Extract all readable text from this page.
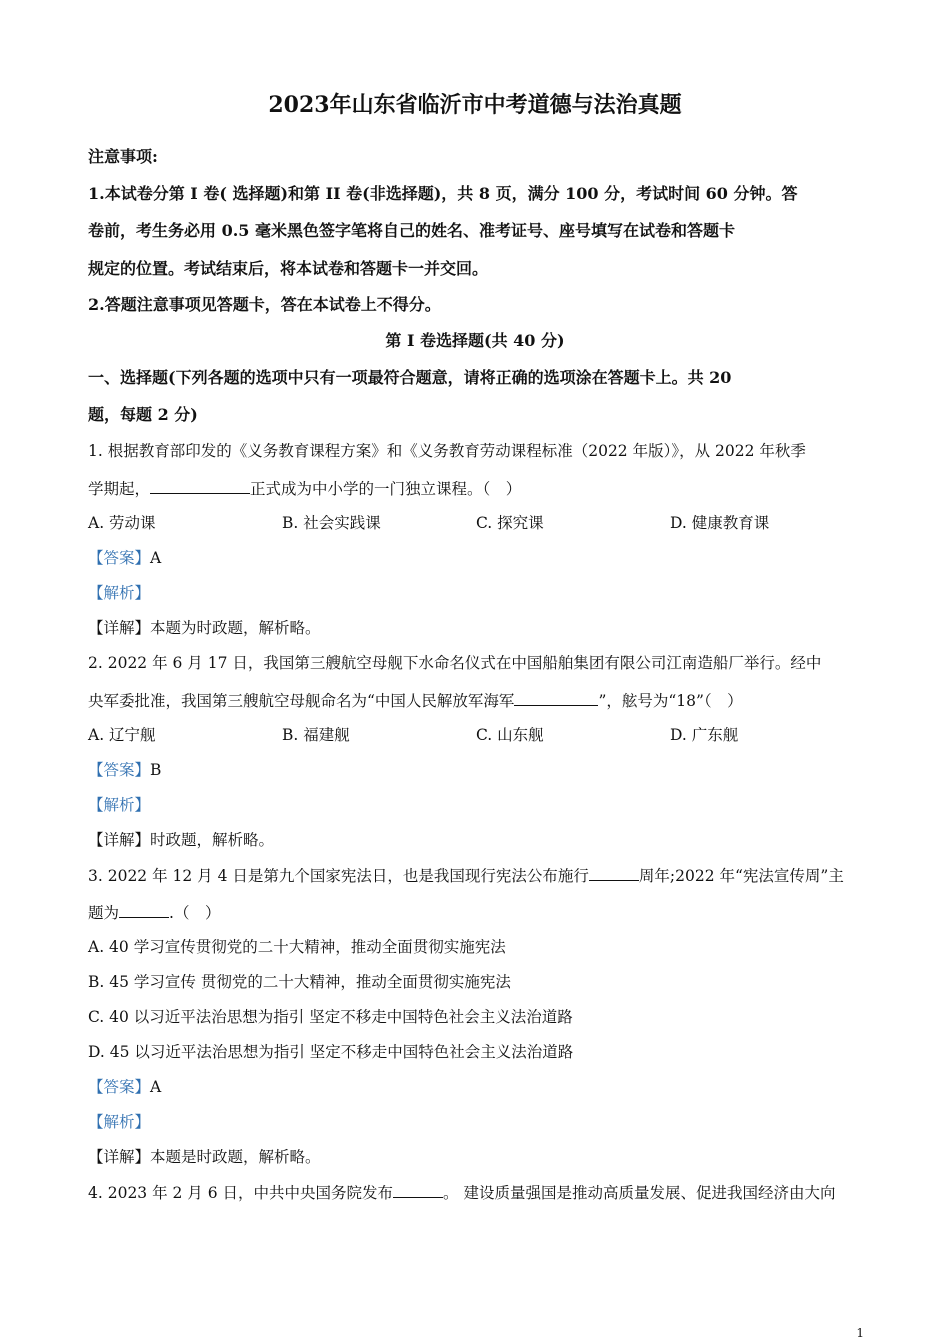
2023年山东省临沂市中考道德与法治真题
注意事项:
1.本试卷分第 I 卷( 选择题)和第 II 卷(非选择题)，共 8 页，满分 100 分，考试时间 60 分钟。答
卷前，考生务必用 0.5 毫米黑色签字笔将自己的姓名、准考证号、座号填写在试卷和答题卡
规定的位置。考试结束后，将本试卷和答题卡一并交回。
2.答题注意事项见答题卡，答在本试卷上不得分。
第 I 卷选择题(共 40 分)
一、选择题(下列各题的选项中只有一项最符合题意，请将正确的选项涂在答题卡上。共 20
题，每题 2 分)
1. 根据教育部印发的《义务教育课程方案》和《义务教育劳动课程标准（2022 年版）》，从 2022 年秋季
学期起，	正式成为中小学的一门独立课程。（　）
A. 劳动课	B. 社会实践课	C. 探究课	D. 健康教育课
【答案】A
【解析】
【详解】本题为时政题，解析略。
2. 2022 年 6 月 17 日，我国第三艘航空母舰下水命名仪式在中国船舶集团有限公司江南造船厂举行。经中
央军委批准，我国第三艘航空母舰命名为“中国人民解放军海军	”，舷号为“18”（　）
A. 辽宁舰	B. 福建舰	C. 山东舰	D. 广东舰
【答案】B
【解析】
【详解】时政题，解析略。
3. 2022 年 12 月 4 日是第九个国家宪法日，也是我国现行宪法公布施行	周年;2022 年“宪法宣传周”主
题为	.（　）
A. 40 学习宣传贯彻党的二十大精神，推动全面贯彻实施宪法
B. 45 学习宣传 贯彻党的二十大精神，推动全面贯彻实施宪法
C. 40 以习近平法治思想为指引 坚定不移走中国特色社会主义法治道路
D. 45 以习近平法治思想为指引 坚定不移走中国特色社会主义法治道路
【答案】A
【解析】
【详解】本题是时政题，解析略。
4. 2023 年 2 月 6 日，中共中央国务院发布	。 建设质量强国是推动高质量发展、促进我国经济由大向
1
